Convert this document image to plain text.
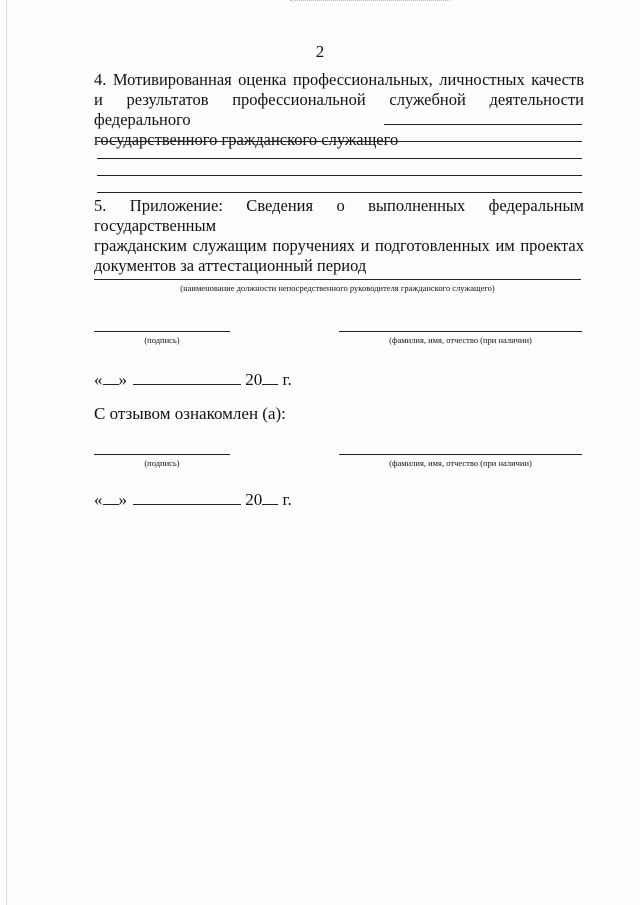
2
4. Мотивированная оценка профессиональных, личностных качеств
и результатов профессиональной служебной деятельности федерального
государственного гражданского служащего
5. Приложение: Сведения о выполненных федеральным государственным
гражданским служащим поручениях и подготовленных им проектах
документов за аттестационный период
(наименование должности непосредственного руководителя гражданского служащего)
(подпись)	(фамилия, имя, отчество (при наличии)
« »	20 г.
С отзывом ознакомлен (а):
(подпись)	(фамилия, имя, отчество (при наличии)
« »	20 г.
